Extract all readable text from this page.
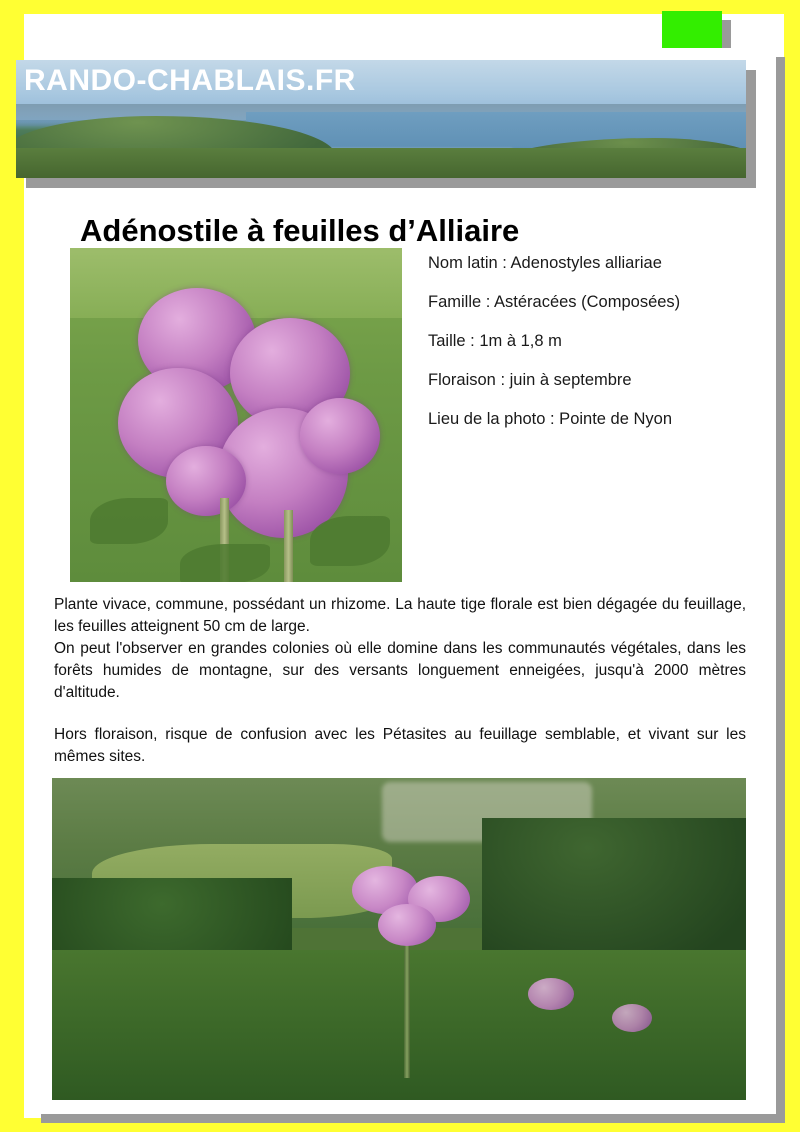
RANDO-CHABLAIS.FR
Adénostile à feuilles d’Alliaire
Nom latin : Adenostyles alliariae
Famille : Astéracées (Composées)
Taille : 1m à 1,8 m
Floraison : juin à septembre
Lieu de la photo : Pointe de Nyon

Plante vivace, commune, possédant un rhizome. La haute tige florale est bien dégagée du feuillage, les feuilles atteignent 50 cm de large.

On peut l'observer en grandes colonies où elle domine dans les communautés végétales, dans les forêts humides de montagne, sur des versants longuement enneigées, jusqu'à 2000 mètres d'altitude.

Hors floraison, risque de confusion avec les Pétasites au feuillage semblable, et vivant sur les mêmes sites.
